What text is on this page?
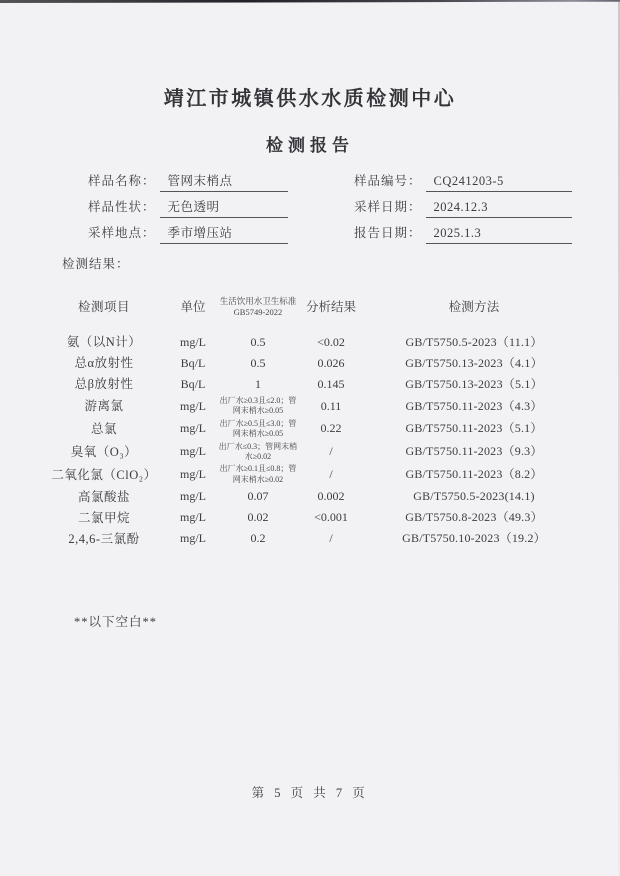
靖江市城镇供水水质检测中心
检测报告
样品名称： 管网末梢点
样品性状： 无色透明
采样地点： 季市增压站
样品编号： CQ241203-5
采样日期： 2024.12.3
报告日期： 2025.1.3
检测结果：
检测项目	单位	生活饮用水卫生标准GB5749-2022	分析结果	检测方法
氨（以N计）	mg/L	0.5	<0.02	GB/T5750.5-2023（11.1）
总α放射性	Bq/L	0.5	0.026	GB/T5750.13-2023（4.1）
总β放射性	Bq/L	1	0.145	GB/T5750.13-2023（5.1）
游离氯	mg/L	出厂水≥0.3且≤2.0；管网末梢水≥0.05	0.11	GB/T5750.11-2023（4.3）
总氯	mg/L	出厂水≥0.5且≤3.0；管网末梢水≥0.05	0.22	GB/T5750.11-2023（5.1）
臭氧（O₃）	mg/L	出厂水≤0.3；管网末梢水≥0.02	/	GB/T5750.11-2023（9.3）
二氧化氯（ClO₂）	mg/L	出厂水≥0.1且≤0.8；管网末梢水≥0.02	/	GB/T5750.11-2023（8.2）
高氯酸盐	mg/L	0.07	0.002	GB/T5750.5-2023(14.1)
二氯甲烷	mg/L	0.02	<0.001	GB/T5750.8-2023（49.3）
2,4,6-三氯酚	mg/L	0.2	/	GB/T5750.10-2023（19.2）
**以下空白**
第 5 页 共 7 页
